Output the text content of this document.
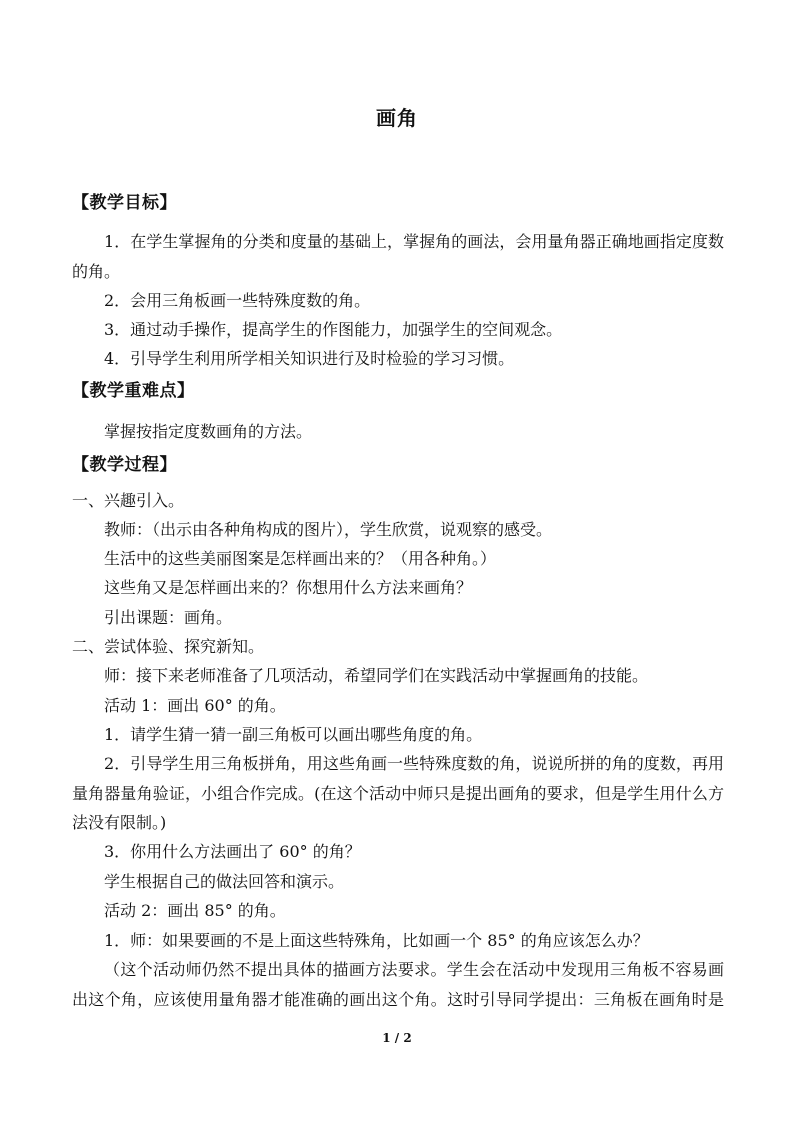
画角
【教学目标】
1．在学生掌握角的分类和度量的基础上，掌握角的画法，会用量角器正确地画指定度数
的角。
2．会用三角板画一些特殊度数的角。
3．通过动手操作，提高学生的作图能力，加强学生的空间观念。
4．引导学生利用所学相关知识进行及时检验的学习习惯。
【教学重难点】
掌握按指定度数画角的方法。
【教学过程】
一、兴趣引入。
教师：（出示由各种角构成的图片），学生欣赏，说观察的感受。
生活中的这些美丽图案是怎样画出来的？（用各种角。）
这些角又是怎样画出来的？你想用什么方法来画角？
引出课题：画角。
二、尝试体验、探究新知。
师：接下来老师准备了几项活动，希望同学们在实践活动中掌握画角的技能。
活动 1：画出 60° 的角。
1．请学生猜一猜一副三角板可以画出哪些角度的角。
2．引导学生用三角板拼角，用这些角画一些特殊度数的角，说说所拼的角的度数，再用
量角器量角验证，小组合作完成。(在这个活动中师只是提出画角的要求，但是学生用什么方
法没有限制。)
3．你用什么方法画出了 60° 的角？
学生根据自己的做法回答和演示。
活动 2：画出 85° 的角。
1．师：如果要画的不是上面这些特殊角，比如画一个 85° 的角应该怎么办？
（这个活动师仍然不提出具体的描画方法要求。学生会在活动中发现用三角板不容易画
出这个角，应该使用量角器才能准确的画出这个角。这时引导同学提出：三角板在画角时是
1 / 2
